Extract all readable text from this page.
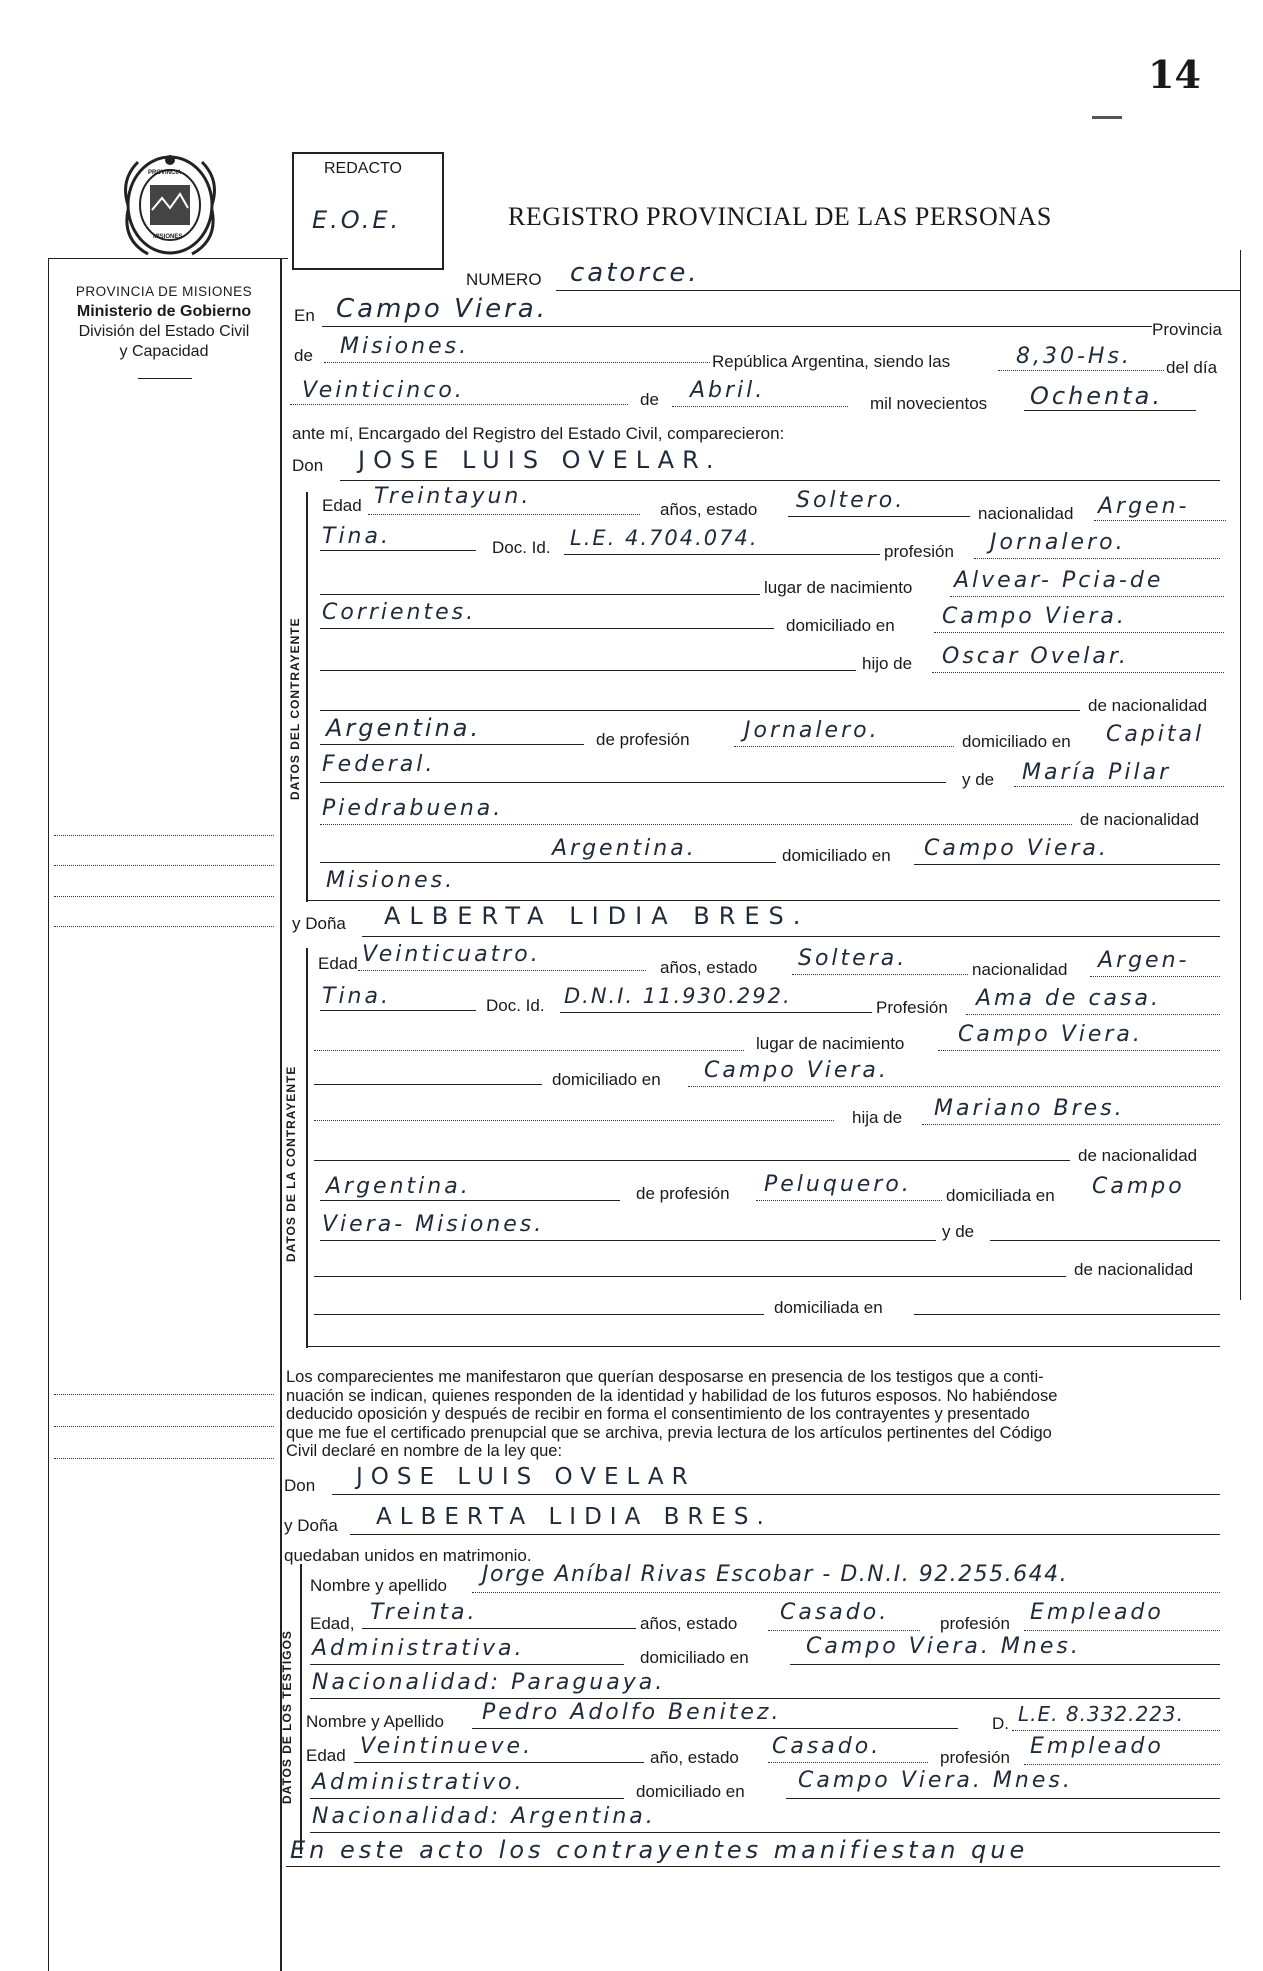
14
PROVINCIA
MISIONES
PROVINCIA DE MISIONES
Ministerio de Gobierno
División del Estado Civil
y Capacidad
REDACTO
E.O.E.	REGISTRO PROVINCIAL DE LAS PERSONAS
NUMERO catorce.
En Campo Viera.
Provincia
de Misiones.
República Argentina, siendo las	8,30-Hs. del día
Veinticinco.	de Abril.
mil novecientos Ochenta.
ante mí, Encargado del Registro del Estado Civil, comparecieron:
Don JOSE LUIS OVELAR.
DATOS DEL CONTRAYENTE
Edad Treintayun.
años, estado Soltero.
nacionalidad Argen-
Tina.	Doc. Id. L.E. 4.704.074.
profesión Jornalero.
lugar de nacimiento Alvear- Pcia-de
Corrientes.
domiciliado en Campo Viera.
hijo de Oscar Ovelar.
de nacionalidad
Argentina.	de profesión Jornalero.	domiciliado en Capital
Federal.
y de María Pilar
Piedrabuena.	de nacionalidad
Argentina.	domiciliado en Campo Viera.
Misiones.
y Doña ALBERTA LIDIA BRES.
DATOS DE LA CONTRAYENTE
Edad Veinticuatro.
años, estado Soltera.	nacionalidad Argen-
Tina.	Doc. Id. D.N.I. 11.930.292.	Profesión Ama de casa.
lugar de nacimiento Campo Viera.
domiciliado en Campo Viera.
hija de Mariano Bres.
de nacionalidad
Argentina.	de profesión Peluquero. domiciliada en Campo
Viera- Misiones.	y de
de nacionalidad
domiciliada en
Los comparecientes me manifestaron que querían desposarse en presencia de los testigos que a conti-
nuación se indican, quienes responden de la identidad y habilidad de los futuros esposos. No habiéndose
deducido oposición y después de recibir en forma el consentimiento de los contrayentes y presentado
que me fue el certificado prenupcial que se archiva, previa lectura de los artículos pertinentes del Código
Civil declaré en nombre de la ley que:
Don JOSE LUIS OVELAR
y Doña ALBERTA LIDIA BRES.
quedaban unidos en matrimonio.
DATOS DE LOS TESTIGOS
Nombre y apellido Jorge Aníbal Rivas Escobar - D.N.I. 92.255.644.
Edad, Treinta.	años, estado Casado.	profesión Empleado
Administrativa.	domiciliado en	Campo Viera. Mnes.
Nacionalidad: Paraguaya.
Nombre y Apellido Pedro Adolfo Benitez.	D. L.E. 8.332.223.
Edad Veintinueve.	año, estado Casado.	profesión Empleado
Administrativo.	domiciliado en Campo Viera. Mnes.
Nacionalidad: Argentina.
En este acto los contrayentes manifiestan que
